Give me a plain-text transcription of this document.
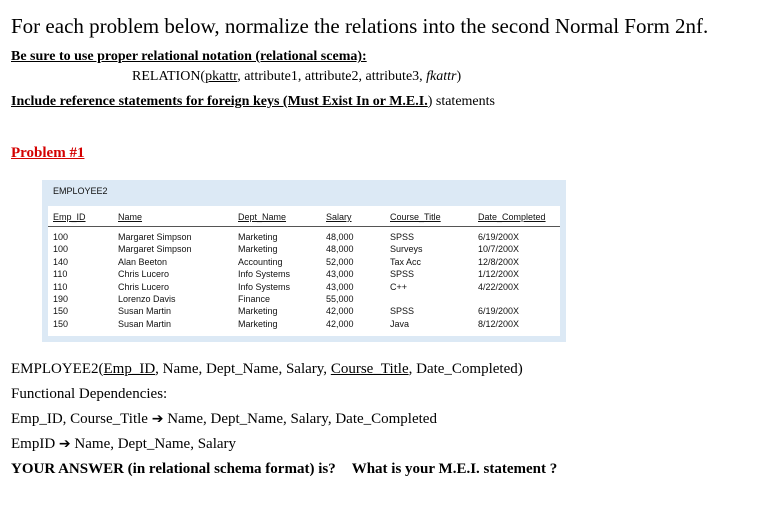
For each problem below, normalize the relations into the second Normal Form 2nf.
Be sure to use proper relational notation (relational scema):
RELATION(pkattr, attribute1, attribute2, attribute3, fkattr)
Include reference statements for foreign keys (Must Exist In or M.E.I.) statements
Problem #1
EMPLOYEE2
Emp_ID	Name	Dept_Name	Salary	Course_Title	Date_Completed
100	Margaret Simpson	Marketing	48,000	SPSS	6/19/200X
100	Margaret Simpson	Marketing	48,000	Surveys	10/7/200X
140	Alan Beeton	Accounting	52,000	Tax Acc	12/8/200X
110	Chris Lucero	Info Systems	43,000	SPSS	1/12/200X
110	Chris Lucero	Info Systems	43,000	C++	4/22/200X
190	Lorenzo Davis	Finance	55,000
150	Susan Martin	Marketing	42,000	SPSS	6/19/200X
150	Susan Martin	Marketing	42,000	Java	8/12/200X
EMPLOYEE2(Emp_ID, Name, Dept_Name, Salary, Course_Title, Date_Completed)
Functional Dependencies:
Emp_ID, Course_Title ➔ Name, Dept_Name, Salary, Date_Completed
EmpID ➔ Name, Dept_Name, Salary
YOUR ANSWER (in relational schema format) is? What is your M.E.I. statement ?
